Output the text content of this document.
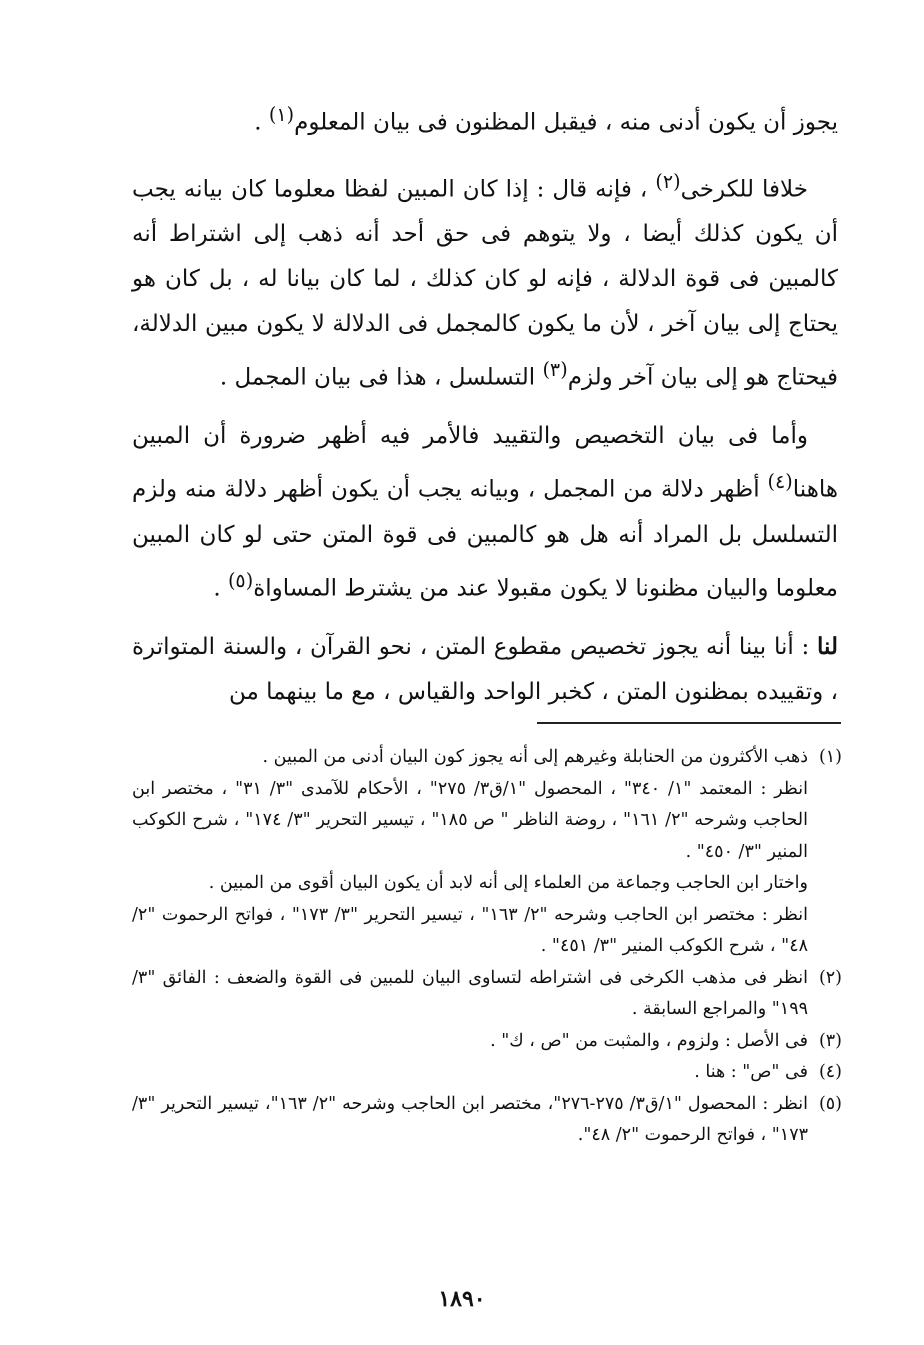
يجوز أن يكون أدنى منه ، فيقبل المظنون فى بيان المعلوم$^{(١)}$ .

خلافا للكرخى$^{(٢)}$ ، فإنه قال : إذا كان المبين لفظا معلوما كان بيانه يجب أن يكون كذلك أيضا ، ولا يتوهم فى حق أحد أنه ذهب إلى اشتراط أنه كالمبين فى قوة الدلالة ، فإنه لو كان كذلك ، لما كان بيانا له ، بل كان هو يحتاج إلى بيان آخر ، لأن ما يكون كالمجمل فى الدلالة لا يكون مبين الدلالة، فيحتاج هو إلى بيان آخر ولزم$^{(٣)}$ التسلسل ، هذا فى بيان المجمل .

وأما فى بيان التخصيص والتقييد فالأمر فيه أظهر ضرورة أن المبين هاهنا$^{(٤)}$ أظهر دلالة من المجمل ، وبيانه يجب أن يكون أظهر دلالة منه ولزم التسلسل بل المراد أنه هل هو كالمبين فى قوة المتن حتى لو كان المبين معلوما والبيان مظنونا لا يكون مقبولا عند من يشترط المساواة$^{(٥)}$ .

لنا : أنا بينا أنه يجوز تخصيص مقطوع المتن ، نحو القرآن ، والسنة المتواترة ، وتقييده بمظنون المتن ، كخبر الواحد والقياس ، مع ما بينهما من

(١)

ذهب الأكثرون من الحنابلة وغيرهم إلى أنه يجوز كون البيان أدنى من المبين .

انظر : المعتمد "١/ ٣٤٠" ، المحصول "١/ق٣/ ٢٧٥" ، الأحكام للآمدى "٣/ ٣١" ، مختصر ابن الحاجب وشرحه "٢/ ١٦١" ، روضة الناظر " ص ١٨٥" ، تيسير التحرير "٣/ ١٧٤" ، شرح الكوكب المنير "٣/ ٤٥٠" .

واختار ابن الحاجب وجماعة من العلماء إلى أنه لابد أن يكون البيان أقوى من المبين .

انظر : مختصر ابن الحاجب وشرحه "٢/ ١٦٣" ، تيسير التحرير "٣/ ١٧٣" ، فواتح الرحموت "٢/ ٤٨" ، شرح الكوكب المنير "٣/ ٤٥١" .

(٢)

انظر فى مذهب الكرخى فى اشتراطه لتساوى البيان للمبين فى القوة والضعف : الفائق "٣/ ١٩٩" والمراجع السابقة .

(٣)

فى الأصل : ولزوم ، والمثبت من "ص ، ك" .

(٤)

فى "ص" : هنا .

(٥)

انظر : المحصول "١/ق٣/ ٢٧٥-٢٧٦"، مختصر ابن الحاجب وشرحه "٢/ ١٦٣"، تيسير التحرير "٣/ ١٧٣" ، فواتح الرحموت "٢/ ٤٨".

١٨٩٠
